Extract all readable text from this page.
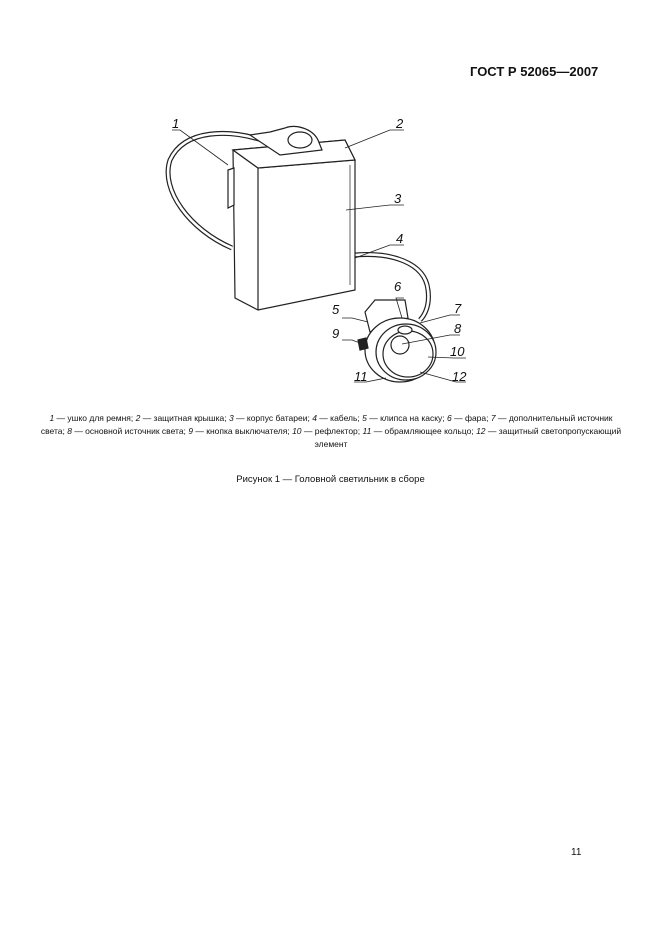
ГОСТ Р 52065—2007
1	2
3
4
5
6
7
8
9
10
11	12
1 — ушко для ремня; 2 — защитная крышка; 3 — корпус батареи; 4 — кабель; 5 — клипса на каску; 6 — фара; 7 — дополнительный источник света; 8 — основной источник света; 9 — кнопка выключателя; 10 — рефлектор; 11 — обрамляющее кольцо; 12 — защитный светопропускающий элемент
Рисунок 1 — Головной светильник в сборе
11
